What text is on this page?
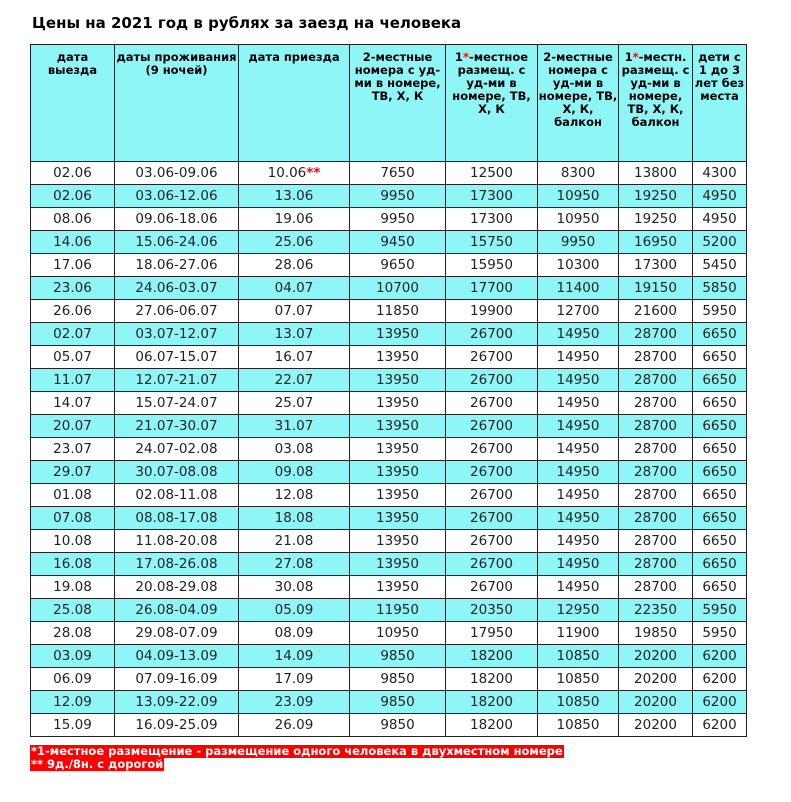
Цены на 2021 год в рублях за заезд на человека
дата выезда	даты проживания (9 ночей)	дата приезда	2-местные номера с уд-ми в номере, ТВ, Х, К	1*-местное размещ. с уд-ми в номере, ТВ, Х, К	2-местные номера с уд-ми в номере, ТВ, Х, К, балкон	1*-местн. размещ. с уд-ми в номере, ТВ, Х, К, балкон	дети с 1 до 3 лет без места
02.06	03.06-09.06	10.06**	7650	12500	8300	13800	4300
02.06	03.06-12.06	13.06	9950	17300	10950	19250	4950
08.06	09.06-18.06	19.06	9950	17300	10950	19250	4950
14.06	15.06-24.06	25.06	9450	15750	9950	16950	5200
17.06	18.06-27.06	28.06	9650	15950	10300	17300	5450
23.06	24.06-03.07	04.07	10700	17700	11400	19150	5850
26.06	27.06-06.07	07.07	11850	19900	12700	21600	5950
02.07	03.07-12.07	13.07	13950	26700	14950	28700	6650
05.07	06.07-15.07	16.07	13950	26700	14950	28700	6650
11.07	12.07-21.07	22.07	13950	26700	14950	28700	6650
14.07	15.07-24.07	25.07	13950	26700	14950	28700	6650
20.07	21.07-30.07	31.07	13950	26700	14950	28700	6650
23.07	24.07-02.08	03.08	13950	26700	14950	28700	6650
29.07	30.07-08.08	09.08	13950	26700	14950	28700	6650
01.08	02.08-11.08	12.08	13950	26700	14950	28700	6650
07.08	08.08-17.08	18.08	13950	26700	14950	28700	6650
10.08	11.08-20.08	21.08	13950	26700	14950	28700	6650
16.08	17.08-26.08	27.08	13950	26700	14950	28700	6650
19.08	20.08-29.08	30.08	13950	26700	14950	28700	6650
25.08	26.08-04.09	05.09	11950	20350	12950	22350	5950
28.08	29.08-07.09	08.09	10950	17950	11900	19850	5950
03.09	04.09-13.09	14.09	9850	18200	10850	20200	6200
06.09	07.09-16.09	17.09	9850	18200	10850	20200	6200
12.09	13.09-22.09	23.09	9850	18200	10850	20200	6200
15.09	16.09-25.09	26.09	9850	18200	10850	20200	6200
*1-местное размещение - размещение одного человека в двухместном номере
** 9д./8н. с дорогой
